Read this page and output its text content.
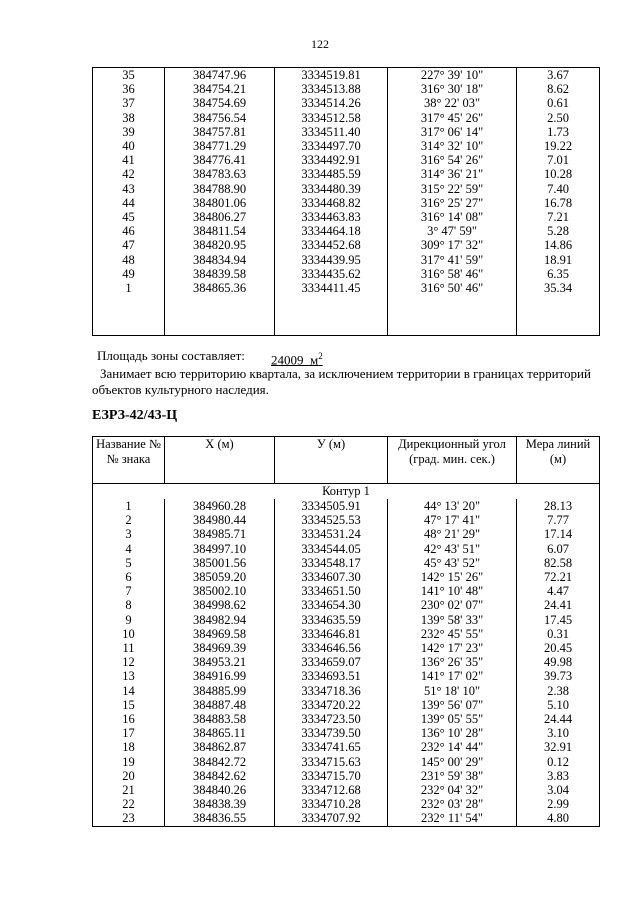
122
35	384747.96	3334519.81	227° 39' 10"	3.67
36	384754.21	3334513.88	316° 30' 18"	8.62
37	384754.69	3334514.26	38° 22' 03"	0.61
38	384756.54	3334512.58	317° 45' 26"	2.50
39	384757.81	3334511.40	317° 06' 14"	1.73
40	384771.29	3334497.70	314° 32' 10"	19.22
41	384776.41	3334492.91	316° 54' 26"	7.01
42	384783.63	3334485.59	314° 36' 21"	10.28
43	384788.90	3334480.39	315° 22' 59"	7.40
44	384801.06	3334468.82	316° 25' 27"	16.78
45	384806.27	3334463.83	316° 14' 08"	7.21
46	384811.54	3334464.18	3° 47' 59"	5.28
47	384820.95	3334452.68	309° 17' 32"	14.86
48	384834.94	3334439.95	317° 41' 59"	18.91
49	384839.58	3334435.62	316° 58' 46"	6.35
1	384865.36	3334411.45	316° 50' 46"	35.34

Площадь зоны составляет: 24009 $м^2$
Занимает всю территорию квартала, за исключением территории в границах территорий объектов культурного наследия.
ЕЗРЗ-42/43-Ц
Название №№ знака	Х (м)	У (м)	Дирекционный угол (град. мин. сек.)	Мера линий (м)
Контур 1				
1	384960.28	3334505.91	44° 13' 20"	28.13
2	384980.44	3334525.53	47° 17' 41"	7.77
3	384985.71	3334531.24	48° 21' 29"	17.14
4	384997.10	3334544.05	42° 43' 51"	6.07
5	385001.56	3334548.17	45° 43' 52"	82.58
6	385059.20	3334607.30	142° 15' 26"	72.21
7	385002.10	3334651.50	141° 10' 48"	4.47
8	384998.62	3334654.30	230° 02' 07"	24.41
9	384982.94	3334635.59	139° 58' 33"	17.45
10	384969.58	3334646.81	232° 45' 55"	0.31
11	384969.39	3334646.56	142° 17' 23"	20.45
12	384953.21	3334659.07	136° 26' 35"	49.98
13	384916.99	3334693.51	141° 17' 02"	39.73
14	384885.99	3334718.36	51° 18' 10"	2.38
15	384887.48	3334720.22	139° 56' 07"	5.10
16	384883.58	3334723.50	139° 05' 55"	24.44
17	384865.11	3334739.50	136° 10' 28"	3.10
18	384862.87	3334741.65	232° 14' 44"	32.91
19	384842.72	3334715.63	145° 00' 29"	0.12
20	384842.62	3334715.70	231° 59' 38"	3.83
21	384840.26	3334712.68	232° 04' 32"	3.04
22	384838.39	3334710.28	232° 03' 28"	2.99
23	384836.55	3334707.92	232° 11' 54"	4.80
